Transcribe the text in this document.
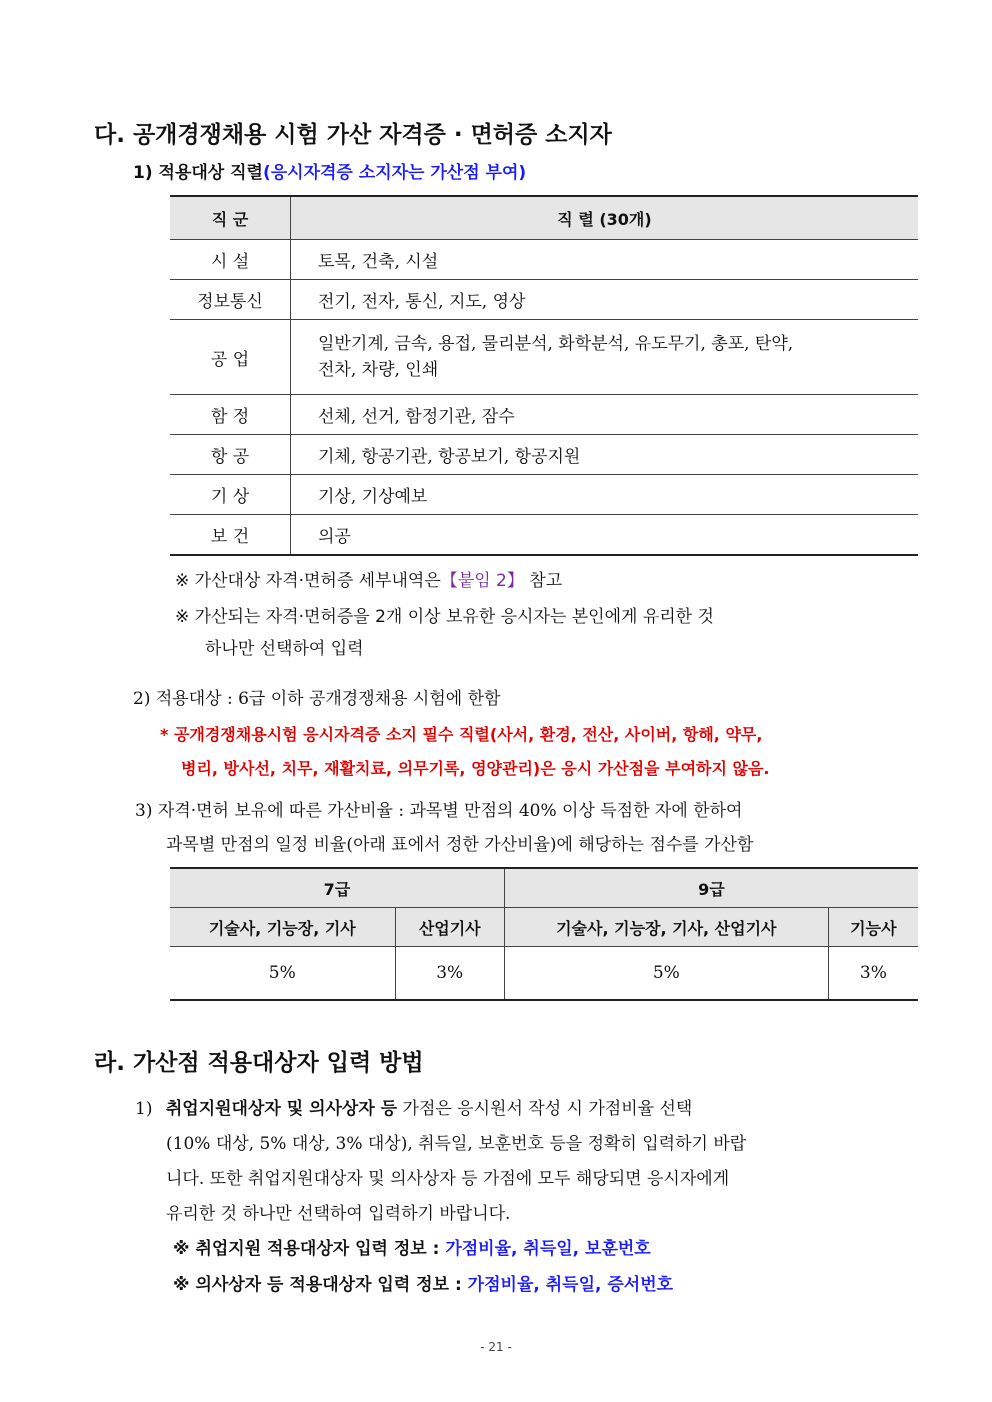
다. 공개경쟁채용 시험 가산 자격증 · 면허증 소지자
1) 적용대상 직렬(응시자격증 소지자는 가산점 부여)
직 군	직 렬 (30개)
시 설	토목, 건축, 시설
정보통신	전기, 전자, 통신, 지도, 영상
공 업	일반기계, 금속, 용접, 물리분석, 화학분석, 유도무기, 총포, 탄약,
전차, 차량, 인쇄

함 정	선체, 선거, 함정기관, 잠수
항 공	기체, 항공기관, 항공보기, 항공지원
기 상	기상, 기상예보
보 건	의공
※ 가산대상 자격·면허증 세부내역은【붙임 2】 참고
※ 가산되는 자격·면허증을 2개 이상 보유한 응시자는 본인에게 유리한 것
하나만 선택하여 입력
2) 적용대상 : 6급 이하 공개경쟁채용 시험에 한함
* 공개경쟁채용시험 응시자격증 소지 필수 직렬(사서, 환경, 전산, 사이버, 항해, 약무,
병리, 방사선, 치무, 재활치료, 의무기록, 영양관리)은 응시 가산점을 부여하지 않음.
3) 자격·면허 보유에 따른 가산비율 : 과목별 만점의 40% 이상 득점한 자에 한하여
과목별 만점의 일정 비율(아래 표에서 정한 가산비율)에 해당하는 점수를 가산함
7급		9급	
기술사, 기능장, 기사	산업기사	기술사, 기능장, 기사, 산업기사	기능사
5%	3%	5%	3%
라. 가산점 적용대상자 입력 방법
1) 취업지원대상자 및 의사상자 등 가점은 응시원서 작성 시 가점비율 선택
(10% 대상, 5% 대상, 3% 대상), 취득일, 보훈번호 등을 정확히 입력하기 바랍
니다. 또한 취업지원대상자 및 의사상자 등 가점에 모두 해당되면 응시자에게
유리한 것 하나만 선택하여 입력하기 바랍니다.
※ 취업지원 적용대상자 입력 정보 : 가점비율, 취득일, 보훈번호
※ 의사상자 등 적용대상자 입력 정보 : 가점비율, 취득일, 증서번호
- 21 -
